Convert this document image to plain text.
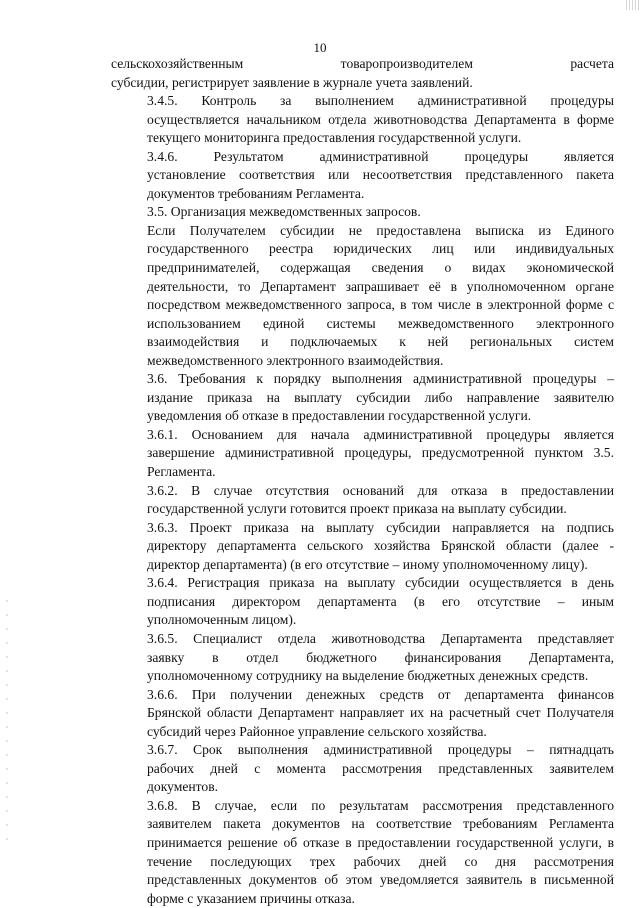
10
сельскохозяйственным товаропроизводителем расчета
субсидии, регистрирует заявление в журнале учета заявлений.
3.4.5. Контроль за выполнением административной процедуры
осуществляется начальником отдела животноводства Департамента в форме
текущего мониторинга предоставления государственной услуги.
3.4.6. Результатом административной процедуры является
установление соответствия или несоответствия представленного пакета
документов требованиям Регламента.
3.5. Организация межведомственных запросов.
Если Получателем субсидии не предоставлена выписка из Единого
государственного реестра юридических лиц или индивидуальных
предпринимателей, содержащая сведения о видах экономической
деятельности, то Департамент запрашивает её в уполномоченном органе
посредством межведомственного запроса, в том числе в электронной форме с
использованием единой системы межведомственного электронного
взаимодействия и подключаемых к ней региональных систем
межведомственного электронного взаимодействия.
3.6. Требования к порядку выполнения административной процедуры –
издание приказа на выплату субсидии либо направление заявителю
уведомления об отказе в предоставлении государственной услуги.
3.6.1. Основанием для начала административной процедуры является
завершение административной процедуры, предусмотренной пунктом 3.5.
Регламента.
3.6.2. В случае отсутствия оснований для отказа в предоставлении
государственной услуги готовится проект приказа на выплату субсидии.
3.6.3. Проект приказа на выплату субсидии направляется на подпись
директору департамента сельского хозяйства Брянской области (далее -
директор департамента) (в его отсутствие – иному уполномоченному лицу).
3.6.4. Регистрация приказа на выплату субсидии осуществляется в день
подписания директором департамента (в его отсутствие – иным
уполномоченным лицом).
3.6.5. Специалист отдела животноводства Департамента представляет
заявку в отдел бюджетного финансирования Департамента,
уполномоченному сотруднику на выделение бюджетных денежных средств.
3.6.6. При получении денежных средств от департамента финансов
Брянской области Департамент направляет их на расчетный счет Получателя
субсидий через Районное управление сельского хозяйства.
3.6.7. Срок выполнения административной процедуры – пятнадцать
рабочих дней с момента рассмотрения представленных заявителем
документов.
3.6.8. В случае, если по результатам рассмотрения представленного
заявителем пакета документов на соответствие требованиям Регламента
принимается решение об отказе в предоставлении государственной услуги, в
течение последующих трех рабочих дней со дня рассмотрения
представленных документов об этом уведомляется заявитель в письменной
форме с указанием причины отказа.
